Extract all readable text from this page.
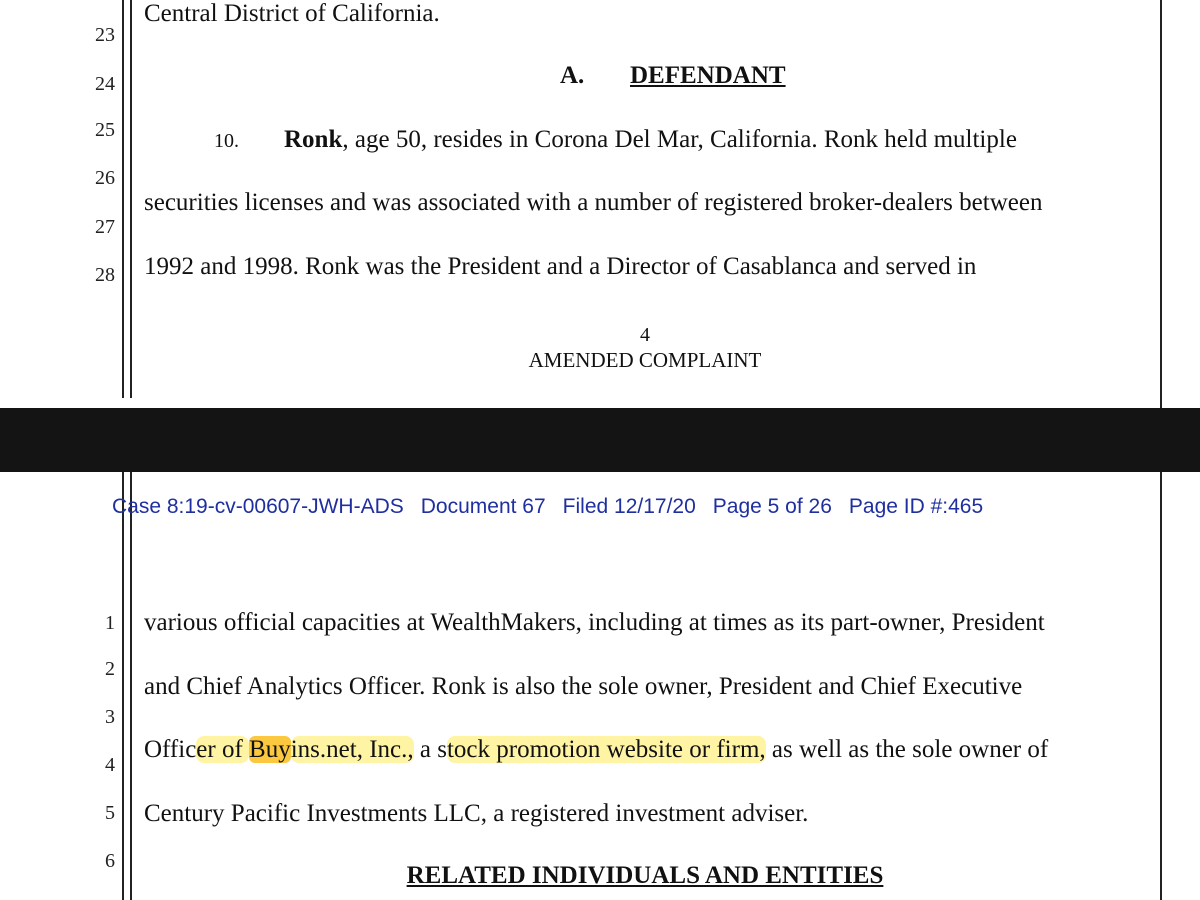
23
24
25
26
27
28
Central District of California.
A. DEFENDANT
10. Ronk, age 50, resides in Corona Del Mar, California. Ronk held multiple
securities licenses and was associated with a number of registered broker-dealers between
1992 and 1998. Ronk was the President and a Director of Casablanca and served in
4
AMENDED COMPLAINT
Case 8:19-cv-00607-JWH-ADS Document 67 Filed 12/17/20 Page 5 of 26 Page ID #:465
1
2
3
4
5
6
various official capacities at WealthMakers, including at times as its part-owner, President
and Chief Analytics Officer. Ronk is also the sole owner, President and Chief Executive
Officer of Buyins.net, Inc., a stock promotion website or firm, as well as the sole owner of
Century Pacific Investments LLC, a registered investment adviser.
RELATED INDIVIDUALS AND ENTITIES
